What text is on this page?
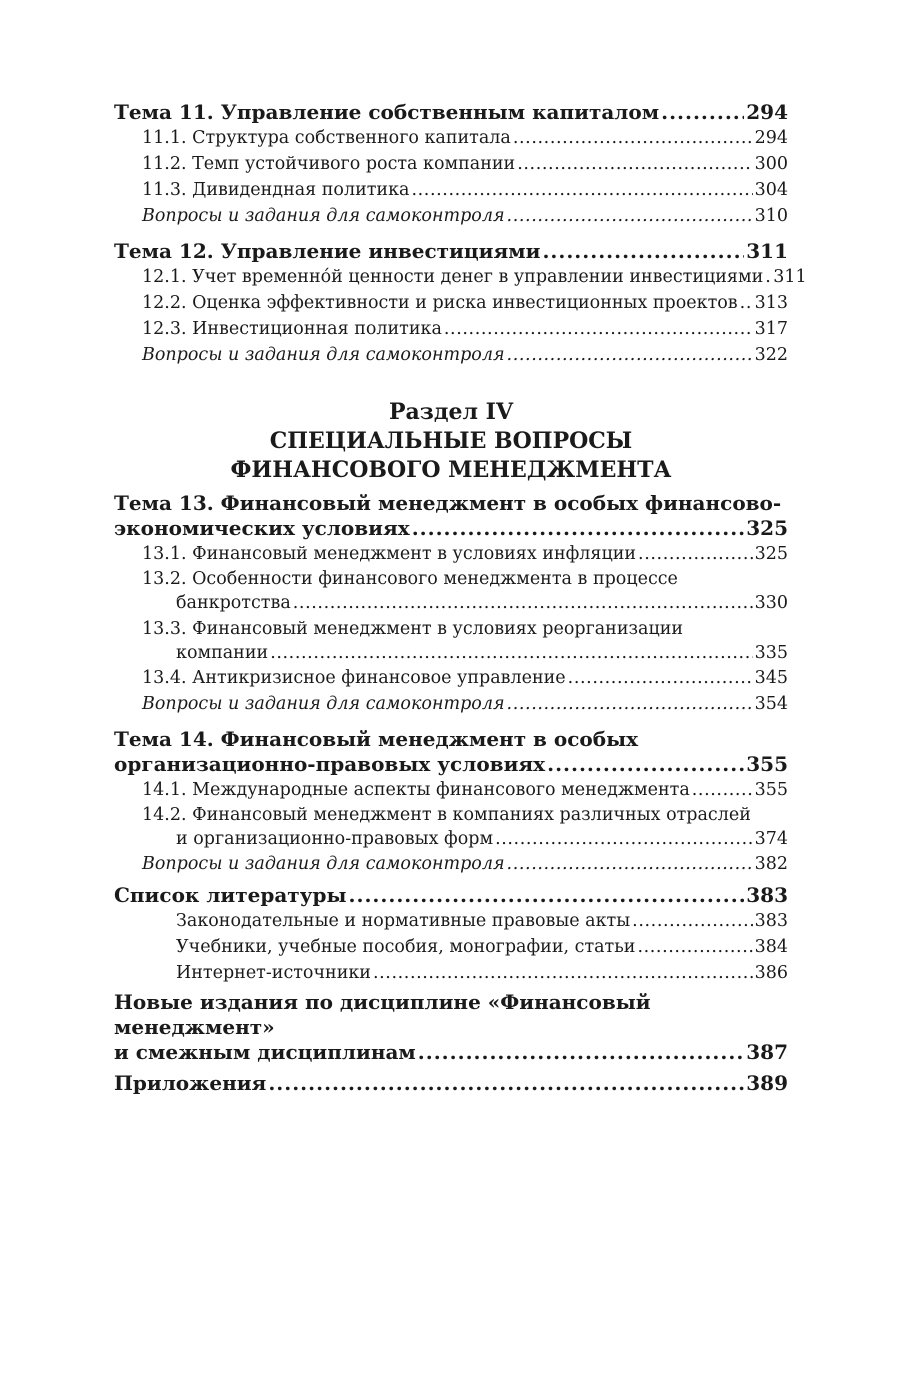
Тема 11. Управление собственным капиталом .....	294
11.1. Структура собственного капитала .....	294
11.2. Темп устойчивого роста компании .....	300
11.3. Дивидендная политика .....	304
Вопросы и задания для самоконтроля .....	310
Тема 12. Управление инвестициями .....	311
12.1. Учет временнóй ценности денег в управлении инвестициями ..... 311
12.2. Оценка эффективности и риска инвестиционных проектов ..... 313
12.3. Инвестиционная политика .....	317
Вопросы и задания для самоконтроля .....	322
Раздел IV
СПЕЦИАЛЬНЫЕ ВОПРОСЫ
ФИНАНСОВОГО МЕНЕДЖМЕНТА
Тема 13. Финансовый менеджмент в особых финансово-
экономических условиях .....	325
13.1. Финансовый менеджмент в условиях инфляции .....	325
13.2. Особенности финансового менеджмента в процессе
банкротства .....	330
13.3. Финансовый менеджмент в условиях реорганизации
компании .....	335
13.4. Антикризисное финансовое управление .....	345
Вопросы и задания для самоконтроля .....	354
Тема 14. Финансовый менеджмент в особых
организационно-правовых условиях .....	355
14.1. Международные аспекты финансового менеджмента .....	355
14.2. Финансовый менеджмент в компаниях различных отраслей
и организационно-правовых форм .....	374
Вопросы и задания для самоконтроля .....	382
Список литературы .....	383
Законодательные и нормативные правовые акты .....	383
Учебники, учебные пособия, монографии, статьи .....	384
Интернет-источники .....	386
Новые издания по дисциплине «Финансовый менеджмент»
и смежным дисциплинам .....	387
Приложения .....	389
